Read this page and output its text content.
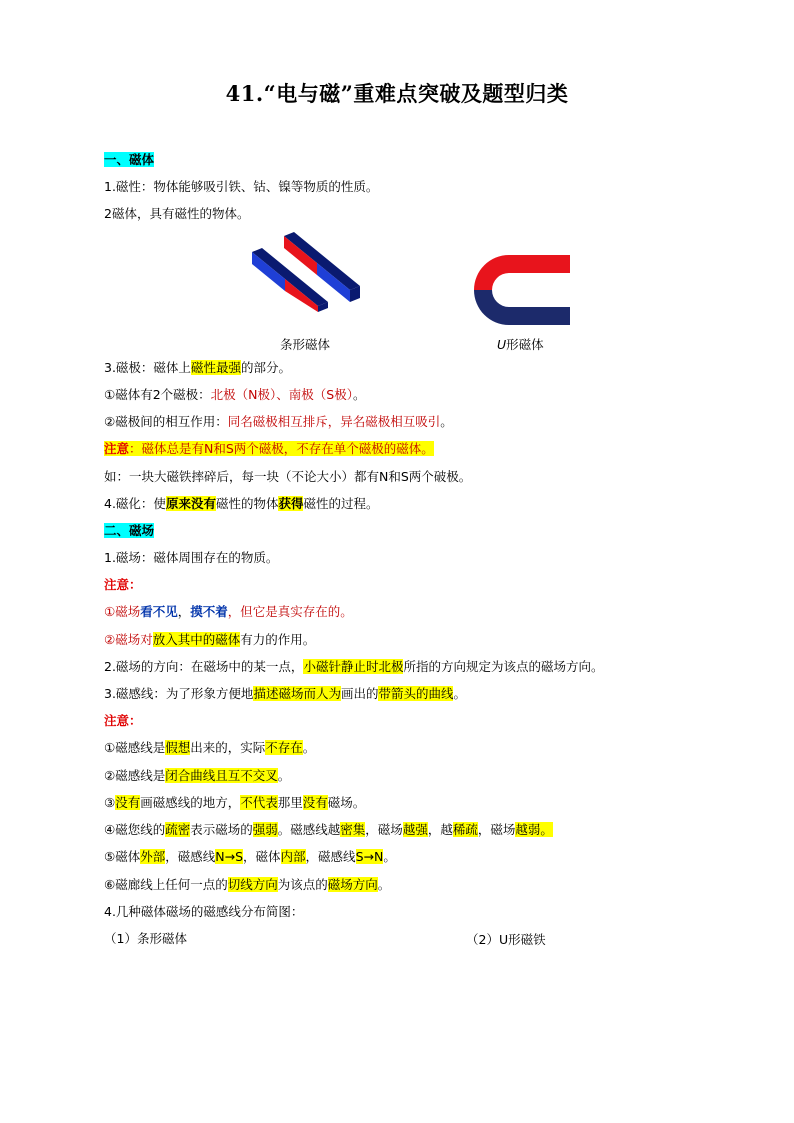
41.“电与磁”重难点突破及题型归类
一、磁体
1.磁性：物体能够吸引铁、钴、镍等物质的性质。
2磁体，具有磁性的物体。
条形磁体	U形磁体
3.磁极：磁体上磁性最强的部分。
①磁体有2个磁极：北极（N极）、南极（S极）。
②磁极间的相互作用：同名磁极相互排斥，异名磁极相互吸引。
注意：磁体总是有N和S两个磁极，不存在单个磁极的磁体。
如：一块大磁铁摔碎后，每一块（不论大小）都有N和S两个破极。
4.磁化：使原来没有磁性的物体获得磁性的过程。
二、磁场
1.磁场：磁体周围存在的物质。
注意：
①磁场看不见，摸不着，但它是真实存在的。
②磁场对放入其中的磁体有力的作用。
2.磁场的方向：在磁场中的某一点，小磁针静止时北极所指的方向规定为该点的磁场方向。
3.磁感线：为了形象方便地描述磁场而人为画出的带箭头的曲线。
注意：
①磁感线是假想出来的，实际不存在。
②磁感线是闭合曲线且互不交叉。
③没有画磁感线的地方，不代表那里没有磁场。
④磁您线的疏密表示磁场的强弱。磁感线越密集，磁场越强，越稀疏，磁场越弱。
⑤磁体外部，磁感线N→S，磁体内部，磁感线S→N。
⑥磁廊线上任何一点的切线方向为该点的磁场方向。
4.几种磁体磁场的磁感线分布简图：
（1）条形磁体	（2）U形磁铁
